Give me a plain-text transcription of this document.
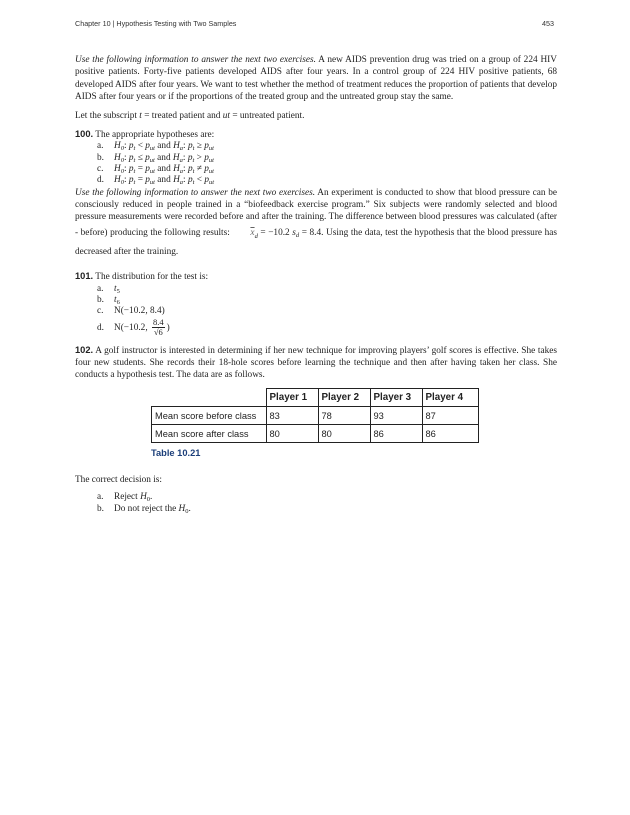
Chapter 10 | Hypothesis Testing with Two Samples	453

Use the following information to answer the next two exercises. A new AIDS prevention drug was tried on a group of 224 HIV positive patients. Forty-five patients developed AIDS after four years. In a control group of 224 HIV positive patients, 68 developed AIDS after four years. We want to test whether the method of treatment reduces the proportion of patients that develop AIDS after four years or if the proportions of the treated group and the untreated group stay the same.

Let the subscript t = treated patient and ut = untreated patient.

100. The appropriate hypotheses are:

a. $H_0$: $p_t < p_{ut}$ and $H_a$: $p_t \ge p_{ut}$
b. $H_0$: $p_t \le p_{ut}$ and $H_a$: $p_t > p_{ut}$
c. $H_0$: $p_t = p_{ut}$ and $H_a$: $p_t \ne p_{ut}$
d. $H_0$: $p_t = p_{ut}$ and $H_a$: $p_t < p_{ut}$

Use the following information to answer the next two exercises. An experiment is conducted to show that blood pressure can be consciously reduced in people trained in a “biofeedback exercise program.” Six subjects were randomly selected and blood pressure measurements were recorded before and after the training. The difference between blood pressures was calculated (after - before) producing the following results: $\overline{x}_d = -10.2$ $s_d = 8.4$. Using the data, test the hypothesis that the blood pressure has decreased after the training.

101. The distribution for the test is:

a. $t_5$
b. $t_6$
c. N(−10.2, 8.4)
d. N(−10.2, $\frac{8.4}{√6}$ )

102. A golf instructor is interested in determining if her new technique for improving players’ golf scores is effective. She takes four new students. She records their 18-hole scores before learning the technique and then after having taken her class. She conducts a hypothesis test. The data are as follows.

	Player 1	Player 2	Player 3	Player 4
Mean score before class	83	78	93	87
Mean score after class	80	80	86	86
Table 10.21

The correct decision is:

a. Reject $H_0$.
b. Do not reject the $H_0$.
